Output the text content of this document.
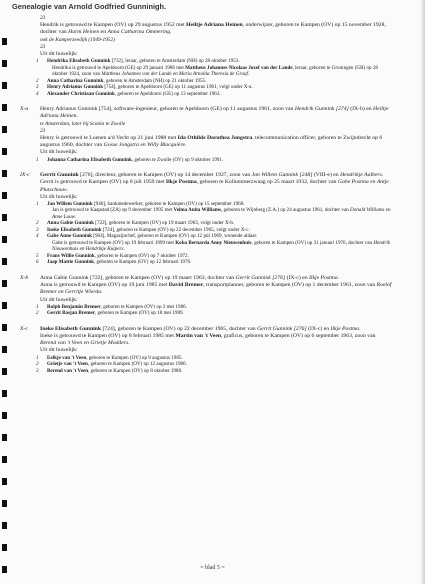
Genealogie van Arnold Godfried Gunninigh.

23

Hendrik is getrouwd te Kampen (OV) op 29 augustus 1952 met Heiltje Adriana Heinen, onderwijzer, geboren te Kampen (OV) op 15 november 1928, dochter van Harm Heinen en Anna Catharina Ommering.

ook de Kamperzeedijk (1949-1952)

23

Uit dit huwelijk:

1 Hendrika Elisabeth Gunnink [732], leraar, geboren te Amsterdam (NH) op 28 oktober 1953.
Hendrika is getrouwd te Apeldoorn (GE) op 29 januari 1986 met Mattheus Johannes Nicolaas Jozef van der Lande, leraar, geboren te Groningen (GR) op 28 oktober 1924, zoon van Mattheus Johannes van der Lande en Maria Arnolda Theresia de Graaf.
2 Anna Catharina Gunnink, geboren te Amsterdam (NH) op 21 oktober 1955.
3 Henry Adrianus Gunnink [754], geboren te Apeldoorn (GE) op 11 augustus 1961, volgt onder X-a.
4 Alexander Christiaan Gunnink, geboren te Apeldoorn (GE) op 13 september 1963.
X-a Henry Adrianus Gunnink [754], software-ingenieur, geboren te Apeldoorn (GE) op 11 augustus 1961, zoon van Hendrik Gunnink [274] (IX-b) en Heiltje Adriana Heinen.

te Amsterdam, later bij Scania te Zwolle

23

Henry is getrouwd te Loenen a/d Vecht op 21 juni 1988 met Ida Othilde Dorothea Jongstra, telecommunication officer, geboren te Zwijndrecht op 6 augustus 1960, dochter van Gosse Jongstra en Willy Blacquière.

Uit dit huwelijk:

1 Johanna Catharina Elisabeth Gunnink, geboren te Zwolle (OV) op 9 oktober 1991.
IX-c Gerrit Gunnink [276], directeur, geboren te Kampen (OV) op 14 december 1927, zoon van Jan Willem Gunnink [248] (VIII-e) en Hendrikje Aalbers.

Gerrit is getrouwd te Kampen (OV) op 8 juli 1959 met Ilkje Postma, geboren te Kollummerzwaag op 25 maart 1932, dochter van Gabe Postma en Antje Plutschouw.

Uit dit huwelijk:

1 Jan Willem Gunnink [946], bankmedewerker, geboren te Kampen (OV) op 15 september 1960.
Jan is getrouwd te Kaapstad (ZA) op 9 december 1995 met Velma Anita Williams, geboren te Wijnberg (Z.A.) op 24 augustus 1961, dochter van Donald Williams en Anne Louw.
2 Anna Gabie Gunnink [722], geboren te Kampen (OV) op 19 maart 1963, volgt onder X-b.
3 Ineke Elisabeth Gunnink [724], geboren te Kampen (OV) op 22 december 1965, volgt onder X-c.
4 Gabe Anne Gunnink [964], Magazijnchef, geboren te Kampen (OV) op 12 juli 1969, wonende aldaar.
Gabe is getrouwd te Kampen (OV) op 19 februari 1999 met Koba Bernarda Anny Nieuwenhuis, geboren te Kampen (OV) op 31 januari 1976, dochter van Hendrik Nieuwenhuis en Hendrikje Kuipers.
5 Frans Willie Gunnink, geboren te Kampen (OV) op 7 oktober 1972.
6 Jaap Mattie Gunnink, geboren te Kampen (OV) op 12 februari 1976.
X-b Anna Gabie Gunnink [722], geboren te Kampen (OV) op 19 maart 1963, dochter van Gerrit Gunnink [276] (IX-c) en Ilkje Postma.

Anna is getrouwd te Kampen (OV) op 19 juni 1985 met David Bremer, transportplanner, geboren te Kampen (OV) op 1 december 1961, zoon van Roelof Bremer en Gerritje Wierda.

Uit dit huwelijk:

1 Rolph Benjamin Bremer, geboren te Kampen (OV) op 3 mei 1986.
2 Gerrit Basjan Bremer, geboren te Kampen (OV) op 18 mei 1989.
X-c Ineke Elisabeth Gunnink [724], geboren te Kampen (OV) op 22 december 1965, dochter van Gerrit Gunnink [276] (IX-c) en Ilkje Postma.

Ineke is getrouwd te Kampen (OV) op 8 februari 1985 met Martin van 't Veen, graficus, geboren te Kampen (OV) op 6 september 1963, zoon van Berend van 't Veen en Grietje Modders.

Uit dit huwelijk:

1 Eelkje van 't Veen, geboren te Kampen (OV) op 9 augustus 1985.
2 Grietje van 't Veen, geboren te Kampen (OV) op 12 augustus 1986.
3 Berend van 't Veen, geboren te Kampen (OV) op 8 oktober 1988.
= blad 5 =
